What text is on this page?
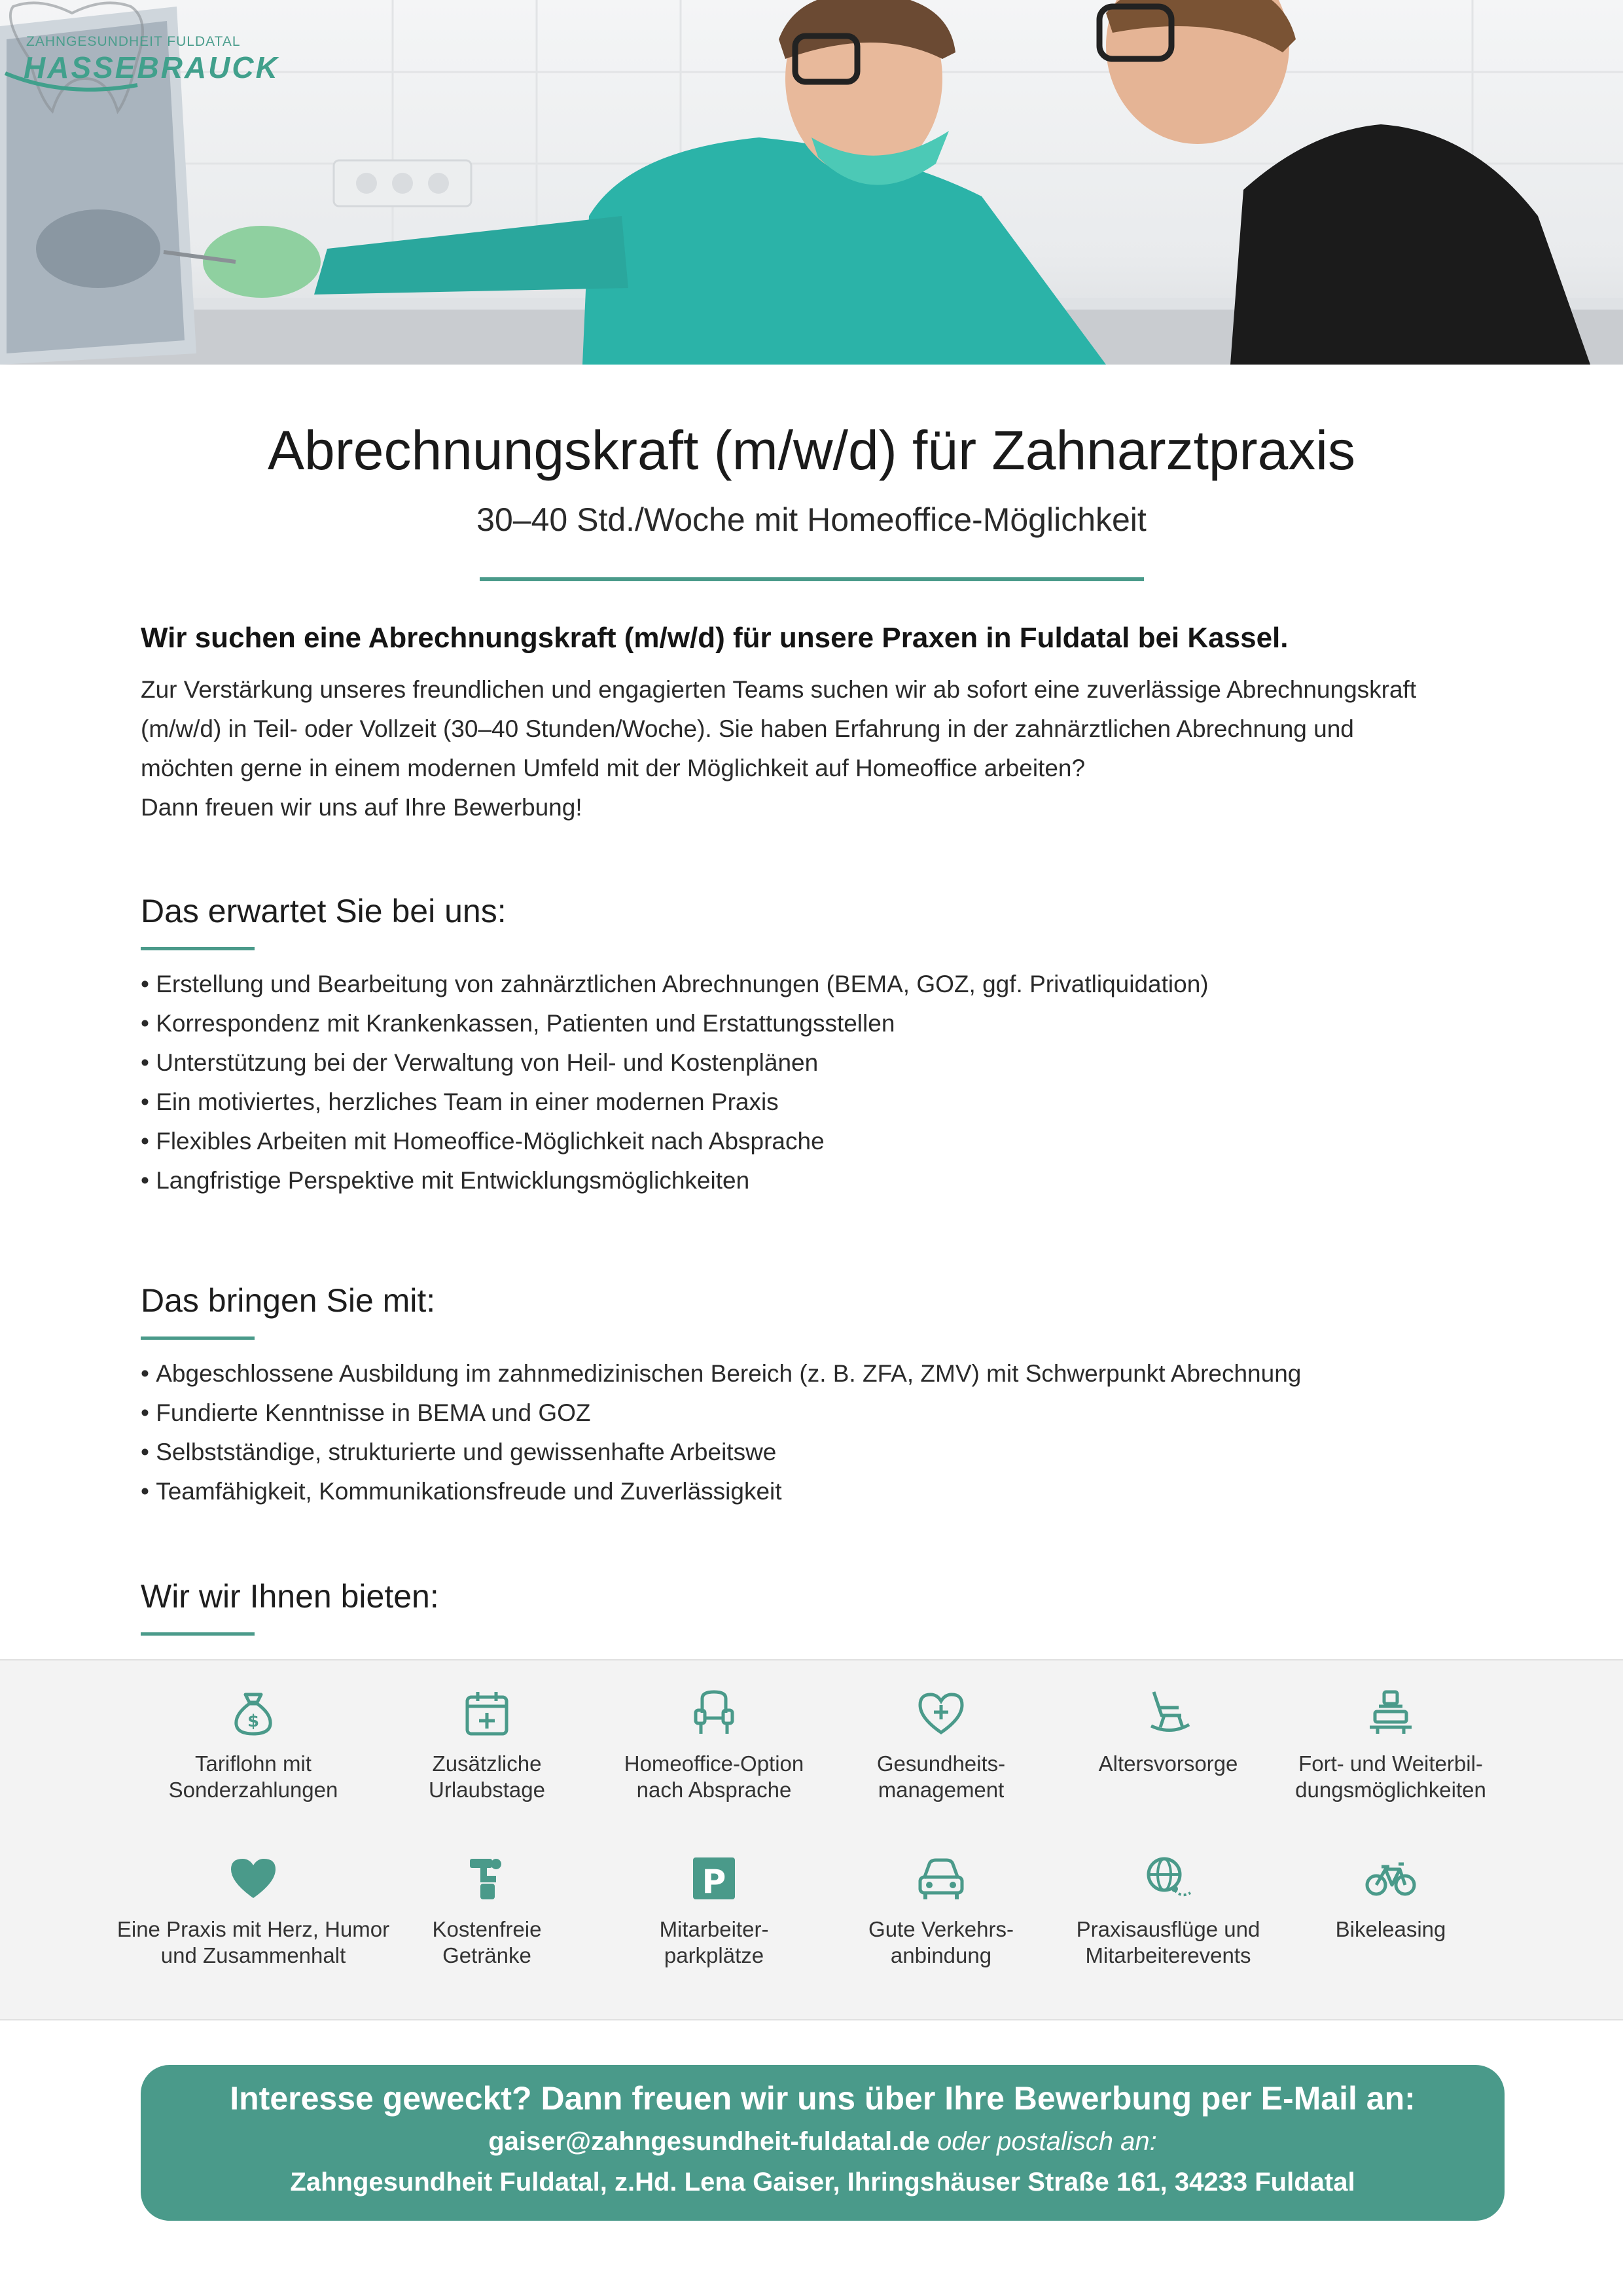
ZAHNGESUNDHEIT FULDATAL
HASSEBRAUCK
Abrechnungskraft (m/w/d) für Zahnarztpraxis
30–40 Std./Woche mit Homeoffice-Möglichkeit
Wir suchen eine Abrechnungskraft (m/w/d) für unsere Praxen in Fuldatal bei Kassel.

Zur Verstärkung unseres freundlichen und engagierten Teams suchen wir ab sofort eine zuverlässige Abrechnungskraft

(m/w/d) in Teil- oder Vollzeit (30–40 Stunden/Woche). Sie haben Erfahrung in der zahnärztlichen Abrechnung und

möchten gerne in einem modernen Umfeld mit der Möglichkeit auf Homeoffice arbeiten?

Dann freuen wir uns auf Ihre Bewerbung!

Das erwartet Sie bei uns:
• Erstellung und Bearbeitung von zahnärztlichen Abrechnungen (BEMA, GOZ, ggf. Privatliquidation)
• Korrespondenz mit Krankenkassen, Patienten und Erstattungsstellen
• Unterstützung bei der Verwaltung von Heil- und Kostenplänen
• Ein motiviertes, herzliches Team in einer modernen Praxis
• Flexibles Arbeiten mit Homeoffice-Möglichkeit nach Absprache
• Langfristige Perspektive mit Entwicklungsmöglichkeiten
Das bringen Sie mit:
• Abgeschlossene Ausbildung im zahnmedizinischen Bereich (z. B. ZFA, ZMV) mit Schwerpunkt Abrechnung
• Fundierte Kenntnisse in BEMA und GOZ
• Selbstständige, strukturierte und gewissenhafte Arbeitswe
• Teamfähigkeit, Kommunikationsfreude und Zuverlässigkeit
Wir wir Ihnen bieten:
$
Tariflohn mit
Sonderzahlungen
Zusätzliche
Urlaubstage
Homeoffice-Option
nach Absprache
Gesundheits-
management
Altersvorsorge	Fort- und Weiterbil-
dungsmöglichkeiten
Eine Praxis mit Herz, Humor
und Zusammenhalt
Kostenfreie
Getränke
P
Mitarbeiter-
parkplätze
Gute Verkehrs-
anbindung
Praxisausflüge und
Mitarbeiterevents
Bikeleasing
Interesse geweckt? Dann freuen wir uns über Ihre Bewerbung per E-Mail an:
gaiser@zahngesundheit-fuldatal.de oder postalisch an:
Zahngesundheit Fuldatal, z.Hd. Lena Gaiser, Ihringshäuser Straße 161, 34233 Fuldatal
